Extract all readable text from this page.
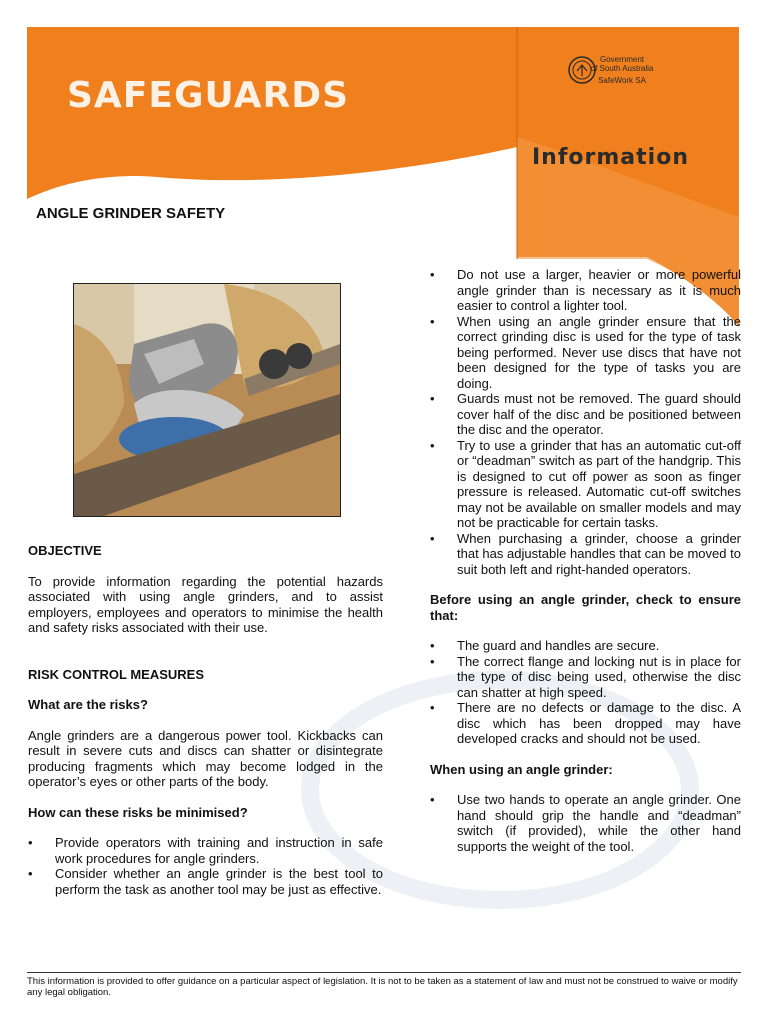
SAFEGUARDS
Government
of South Australia
SafeWork SA
Information
ANGLE GRINDER SAFETY

OBJECTIVE

To provide information regarding the potential hazards associated with using angle grinders, and to assist employers, employees and operators to minimise the health and safety risks associated with their use.

RISK CONTROL MEASURES

What are the risks?

Angle grinders are a dangerous power tool. Kickbacks can result in severe cuts and discs can shatter or disintegrate producing fragments which may become lodged in the operator’s eyes or other parts of the body.

How can these risks be minimised?

• Provide operators with training and instruction in safe work procedures for angle grinders.
• Consider whether an angle grinder is the best tool to perform the task as another tool may be just as effective.
• Do not use a larger, heavier or more powerful angle grinder than is necessary as it is much easier to control a lighter tool.
• When using an angle grinder ensure that the correct grinding disc is used for the type of task being performed. Never use discs that have not been designed for the type of tasks you are doing.
• Guards must not be removed. The guard should cover half of the disc and be positioned between the disc and the operator.
• Try to use a grinder that has an automatic cut-off or “deadman” switch as part of the handgrip. This is designed to cut off power as soon as finger pressure is released. Automatic cut-off switches may not be available on smaller models and may not be practicable for certain tasks.
• When purchasing a grinder, choose a grinder that has adjustable handles that can be moved to suit both left and right-handed operators.

Before using an angle grinder, check to ensure that:

• The guard and handles are secure.
• The correct flange and locking nut is in place for the type of disc being used, otherwise the disc can shatter at high speed.
• There are no defects or damage to the disc. A disc which has been dropped may have developed cracks and should not be used.

When using an angle grinder:

• Use two hands to operate an angle grinder. One hand should grip the handle and “deadman” switch (if provided), while the other hand supports the weight of the tool.
This information is provided to offer guidance on a particular aspect of legislation. It is not to be taken as a statement of law and must not be construed to waive or modify any legal obligation.
